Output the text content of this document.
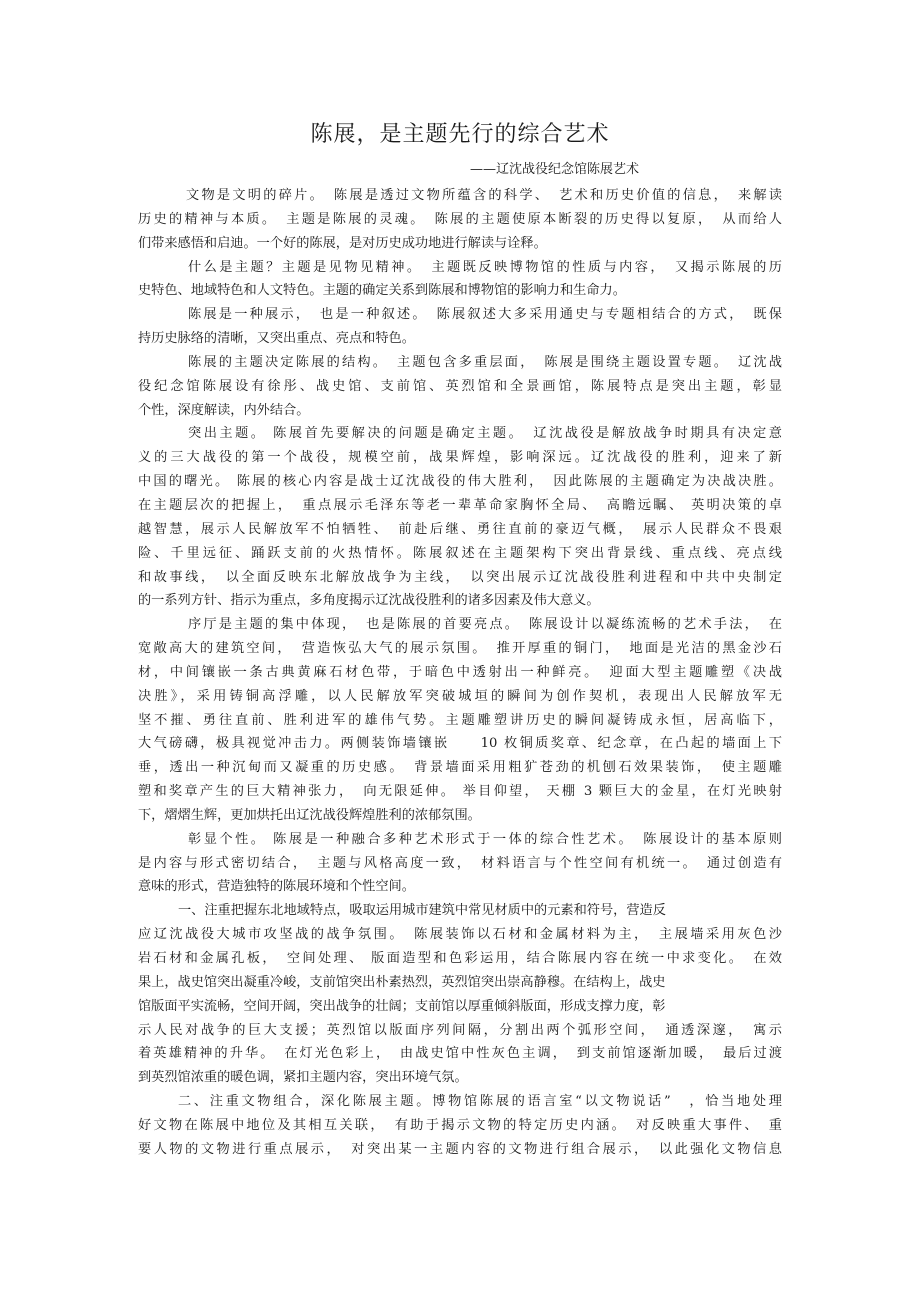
陈展，是主题先行的综合艺术
——辽沈战役纪念馆陈展艺术
文物是文明的碎片。　陈展是透过文物所蕴含的科学、　艺术和历史价值的信息，　来解读
历史的精神与本质。　主题是陈展的灵魂。　陈展的主题使原本断裂的历史得以复原，　从而给人
们带来感悟和启迪。一个好的陈展，是对历史成功地进行解读与诠释。
什么是主题？主题是见物见精神。　主题既反映博物馆的性质与内容，　又揭示陈展的历
史特色、地域特色和人文特色。主题的确定关系到陈展和博物馆的影响力和生命力。
陈展是一种展示，　也是一种叙述。　陈展叙述大多采用通史与专题相结合的方式，　既保
持历史脉络的清晰，又突出重点、亮点和特色。
陈展的主题决定陈展的结构。　主题包含多重层面，　陈展是围绕主题设置专题。　辽沈战
役纪念馆陈展设有徐彤、战史馆、支前馆、英烈馆和全景画馆，陈展特点是突出主题，彰显
个性，深度解读，内外结合。
突出主题。 陈展首先要解决的问题是确定主题。　辽沈战役是解放战争时期具有决定意
义的三大战役的第一个战役，规模空前，战果辉煌，影响深远。辽沈战役的胜利，迎来了新
中国的曙光。 陈展的核心内容是战士辽沈战役的伟大胜利，　因此陈展的主题确定为决战决胜。
在主题层次的把握上，　重点展示毛泽东等老一辈革命家胸怀全局、　高瞻远瞩、 英明决策的卓
越智慧，展示人民解放军不怕牺牲、　前赴后继、勇往直前的豪迈气概，　展示人民群众不畏艰
险、千里远征、踊跃支前的火热情怀。陈展叙述在主题架构下突出背景线、重点线、亮点线
和故事线，　以全面反映东北解放战争为主线，　以突出展示辽沈战役胜利进程和中共中央制定
的一系列方针、指示为重点，多角度揭示辽沈战役胜利的诸多因素及伟大意义。
序厅是主题的集中体现，　也是陈展的首要亮点。　陈展设计以凝练流畅的艺术手法，　在
宽敞高大的建筑空间，　营造恢弘大气的展示氛围。　推开厚重的铜门，　地面是光洁的黑金沙石
材，中间镶嵌一条古典黄麻石材色带，于暗色中透射出一种鲜亮。　迎面大型主题雕塑《决战
决胜》，采用铸铜高浮雕，以人民解放军突破城垣的瞬间为创作契机，表现出人民解放军无
坚不摧、勇往直前、胜利进军的雄伟气势。主题雕塑讲历史的瞬间凝铸成永恒，居高临下，
大气磅礴，极具视觉冲击力。两侧装饰墙镶嵌　　10 枚铜质奖章、纪念章，在凸起的墙面上下
垂，透出一种沉甸而又凝重的历史感。　背景墙面采用粗犷苍劲的机刨石效果装饰，　使主题雕
塑和奖章产生的巨大精神张力，　向无限延伸。 举目仰望， 天棚 3 颗巨大的金星，在灯光映射
下，熠熠生辉，更加烘托出辽沈战役辉煌胜利的浓郁氛围。
彰显个性。 陈展是一种融合多种艺术形式于一体的综合性艺术。　陈展设计的基本原则
是内容与形式密切结合，　主题与风格高度一致，　材料语言与个性空间有机统一。　通过创造有
意味的形式，营造独特的陈展环境和个性空间。
一、注重把握东北地域特点，吸取运用城市建筑中常见材质中的元素和符号，营造反
应辽沈战役大城市攻坚战的战争氛围。　陈展装饰以石材和金属材料为主，　主展墙采用灰色沙
岩石材和金属孔板，　空间处理、 版面造型和色彩运用，结合陈展内容在统一中求变化。　在效
果上，战史馆突出凝重冷峻，支前馆突出朴素热烈，英烈馆突出崇高静穆。在结构上，战史
馆版面平实流畅，空间开阔，突出战争的壮阔；支前馆以厚重倾斜版面，形成支撑力度，彰
示人民对战争的巨大支援；英烈馆以版面序列间隔，分割出两个弧形空间，　通透深邃，　寓示
着英雄精神的升华。　在灯光色彩上，　由战史馆中性灰色主调，　到支前馆逐渐加暖，　最后过渡
到英烈馆浓重的暖色调，紧扣主题内容，突出环境气氛。
二、注重文物组合，深化陈展主题。博物馆陈展的语言室“以文物说话”　，恰当地处理
好文物在陈展中地位及其相互关联，　有助于揭示文物的特定历史内涵。　对反映重大事件、　重
要人物的文物进行重点展示，　对突出某一主题内容的文物进行组合展示，　以此强化文物信息
